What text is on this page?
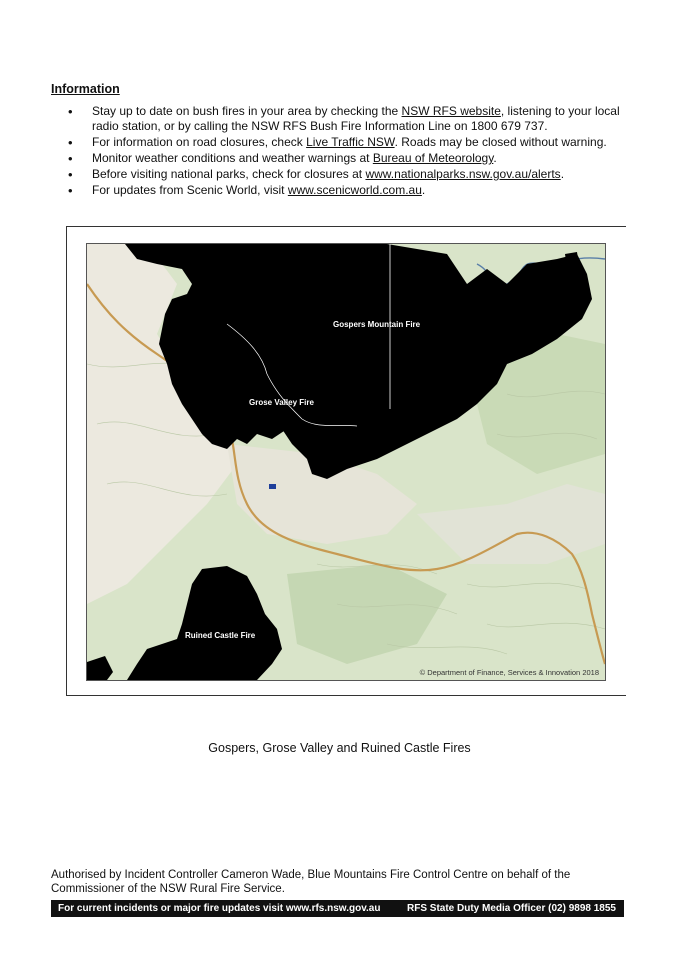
Information
• Stay up to date on bush fires in your area by checking the NSW RFS website, listening to your local radio station, or by calling the NSW RFS Bush Fire Information Line on 1800 679 737.
• For information on road closures, check Live Traffic NSW. Roads may be closed without warning.
• Monitor weather conditions and weather warnings at Bureau of Meteorology.
• Before visiting national parks, check for closures at www.nationalparks.nsw.gov.au/alerts.
• For updates from Scenic World, visit www.scenicworld.com.au.
Gospers Mountain Fire
Grose Valley Fire
Ruined Castle Fire
© Department of Finance, Services & Innovation 2018
Gospers, Grose Valley and Ruined Castle Fires
Authorised by Incident Controller Cameron Wade, Blue Mountains Fire Control Centre on behalf of the Commissioner of the NSW Rural Fire Service.
For current incidents or major fire updates visit www.rfs.nsw.gov.au	RFS State Duty Media Officer (02) 9898 1855
